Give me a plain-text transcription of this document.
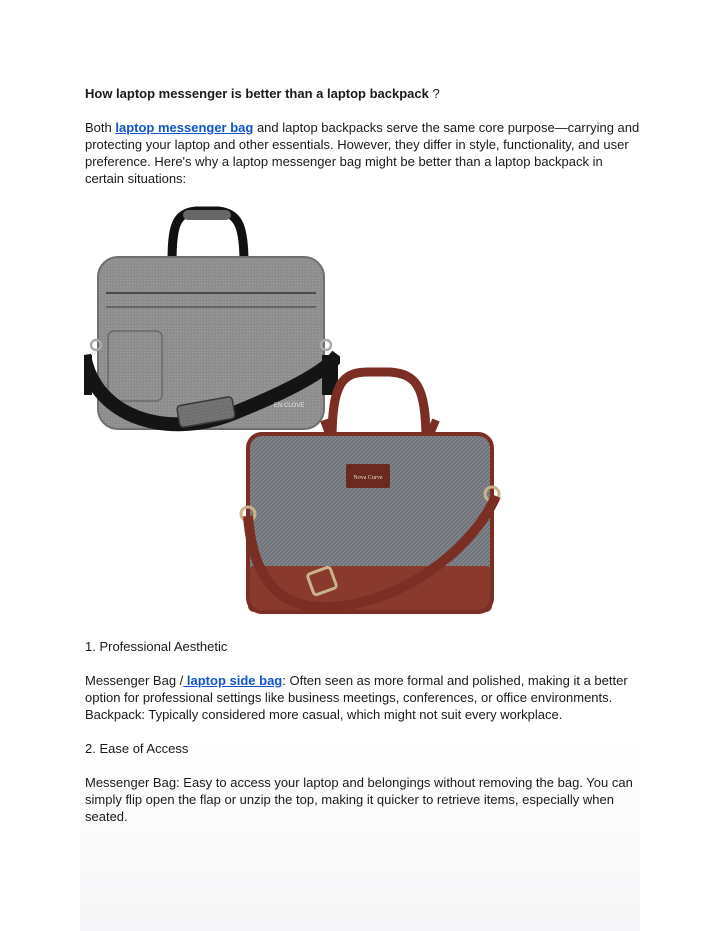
How laptop messenger is better than a laptop backpack ?
Both laptop messenger bag and laptop backpacks serve the same core purpose—carrying and protecting your laptop and other essentials. However, they differ in style, functionality, and user preference. Here's why a laptop messenger bag might be better than a laptop backpack in certain situations:
EN CLOVE
Nova Curve
1. Professional Aesthetic
Messenger Bag / laptop side bag: Often seen as more formal and polished, making it a better option for professional settings like business meetings, conferences, or office environments.
Backpack: Typically considered more casual, which might not suit every workplace.
2. Ease of Access
Messenger Bag: Easy to access your laptop and belongings without removing the bag. You can simply flip open the flap or unzip the top, making it quicker to retrieve items, especially when seated.
